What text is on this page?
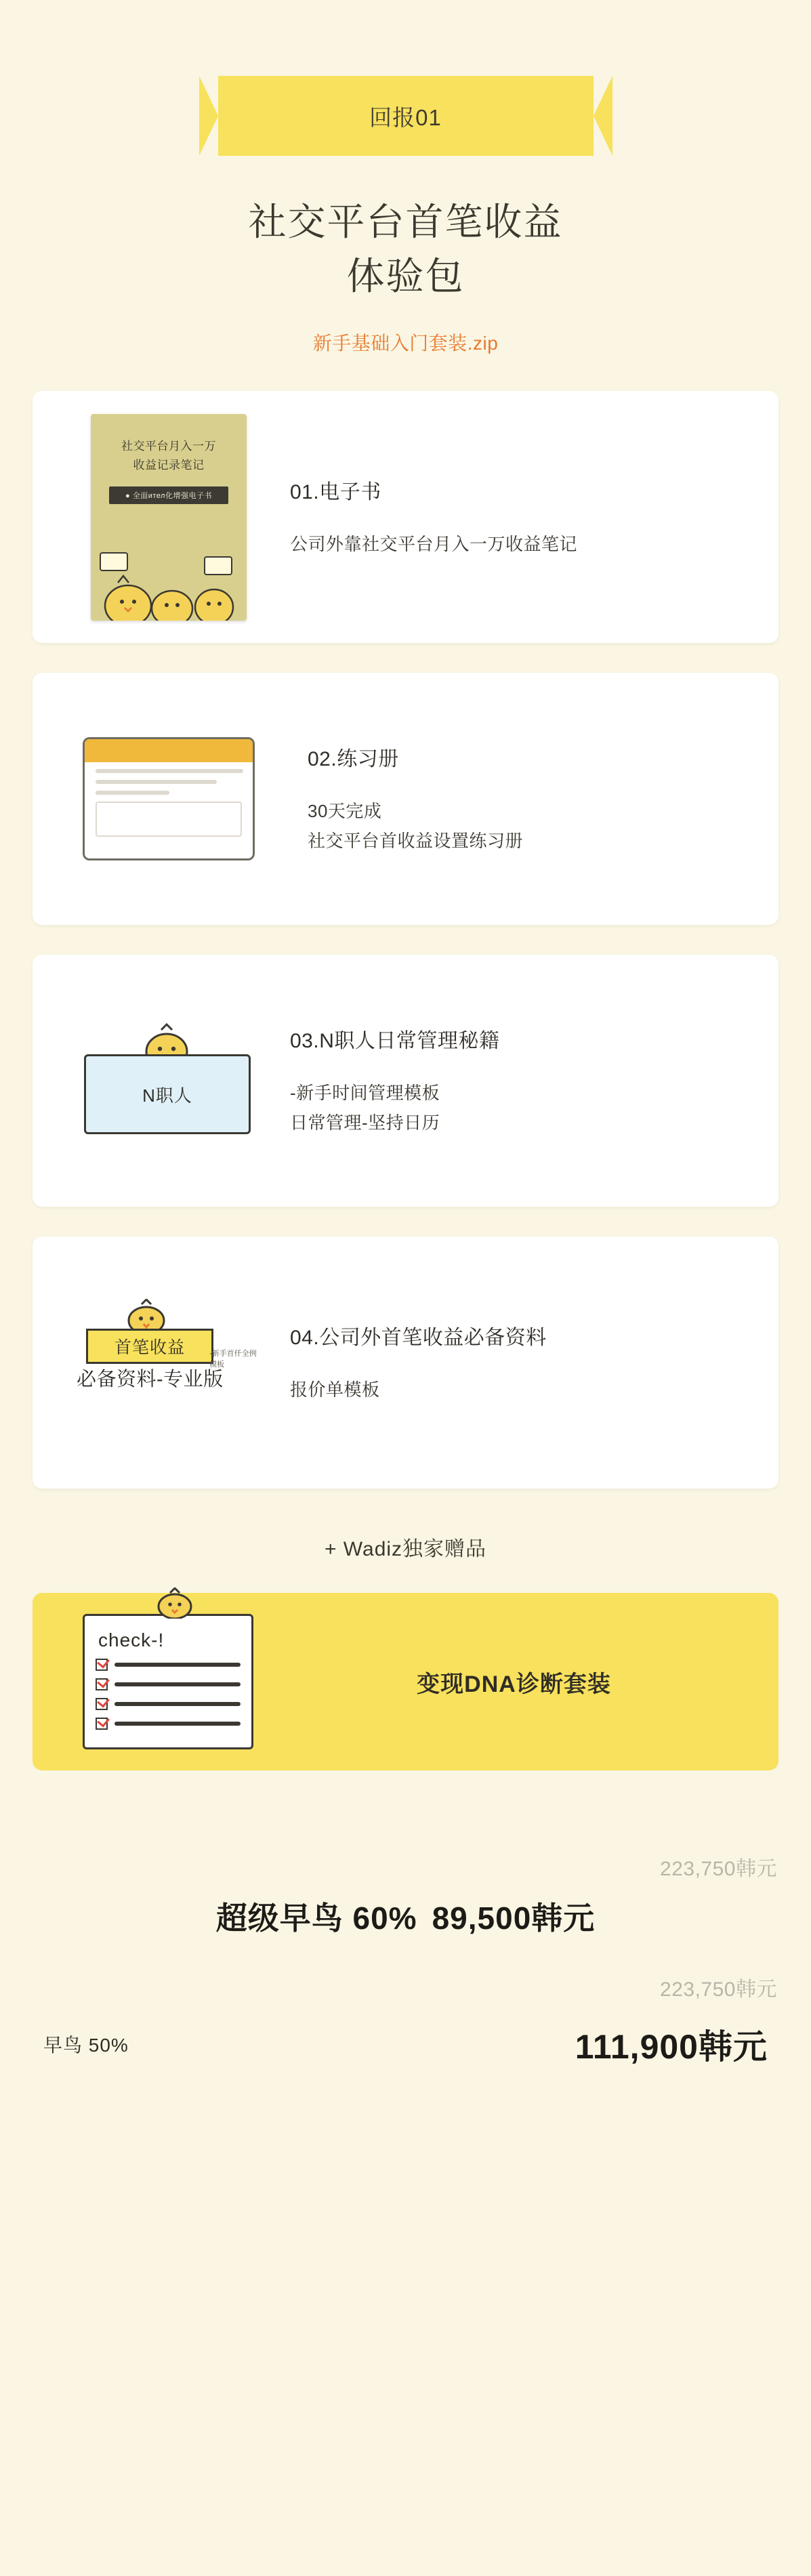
回报01
社交平台首笔收益
体验包
新手基础入门套装.zip
社交平台月入一万
收益记录笔记
● 全面ител化增强电子书	01.电子书
公司外靠社交平台月入一万收益笔记
02.练习册
30天完成
社交平台首收益设置练习册
N职人
03.N职人日常管理秘籍
-新手时间管理模板
日常管理-坚持日历
首笔收益	-新手首仟全例模板
必备资料-专业版
04.公司外首笔收益必备资料
报价单模板
+ Wadiz独家赠品
check-!
变现DNA诊断套装
223,750韩元
超级早鸟 60% 89,500韩元
223,750韩元
早鸟 50%	111,900韩元
